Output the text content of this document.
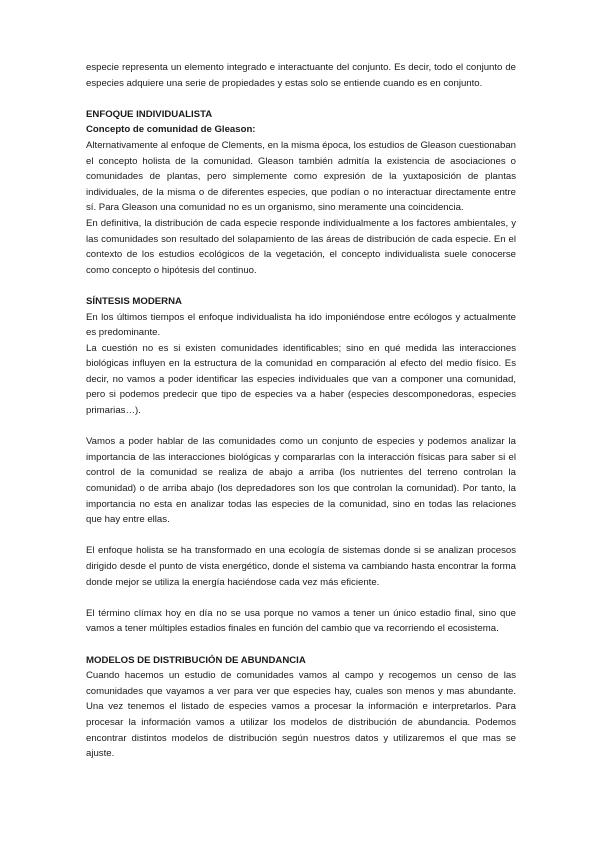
especie representa un elemento integrado e interactuante del conjunto. Es decir, todo el conjunto de especies adquiere una serie de propiedades y estas solo se entiende cuando es en conjunto.

ENFOQUE INDIVIDUALISTA

Concepto de comunidad de Gleason:

Alternativamente al enfoque de Clements, en la misma época, los estudios de Gleason cuestionaban el concepto holista de la comunidad. Gleason también admitía la existencia de asociaciones o comunidades de plantas, pero simplemente como expresión de la yuxtaposición de plantas individuales, de la misma o de diferentes especies, que podían o no interactuar directamente entre sí. Para Gleason una comunidad no es un organismo, sino meramente una coincidencia.

En definitiva, la distribución de cada especie responde individualmente a los factores ambientales, y las comunidades son resultado del solapamiento de las áreas de distribución de cada especie. En el contexto de los estudios ecológicos de la vegetación, el concepto individualista suele conocerse como concepto o hipótesis del continuo.

SÍNTESIS MODERNA

En los últimos tiempos el enfoque individualista ha ido imponiéndose entre ecólogos y actualmente es predominante.

La cuestión no es si existen comunidades identificables; sino en qué medida las interacciones biológicas influyen en la estructura de la comunidad en comparación al efecto del medio físico. Es decir, no vamos a poder identificar las especies individuales que van a componer una comunidad, pero si podemos predecir que tipo de especies va a haber (especies descomponedoras, especies primarias…).

Vamos a poder hablar de las comunidades como un conjunto de especies y podemos analizar la importancia de las interacciones biológicas y compararlas con la interacción físicas para saber si el control de la comunidad se realiza de abajo a arriba (los nutrientes del terreno controlan la comunidad) o de arriba abajo (los depredadores son los que controlan la comunidad). Por tanto, la importancia no esta en analizar todas las especies de la comunidad, sino en todas las relaciones que hay entre ellas.

El enfoque holista se ha transformado en una ecología de sistemas donde si se analizan procesos dirigido desde el punto de vista energético, donde el sistema va cambiando hasta encontrar la forma donde mejor se utiliza la energía haciéndose cada vez más eficiente.

El término clímax hoy en día no se usa porque no vamos a tener un único estadio final, sino que vamos a tener múltiples estadios finales en función del cambio que va recorriendo el ecosistema.

MODELOS DE DISTRIBUCIÓN DE ABUNDANCIA

Cuando hacemos un estudio de comunidades vamos al campo y recogemos un censo de las comunidades que vayamos a ver para ver que especies hay, cuales son menos y mas abundante. Una vez tenemos el listado de especies vamos a procesar la información e interpretarlos. Para procesar la información vamos a utilizar los modelos de distribución de abundancia. Podemos encontrar distintos modelos de distribución según nuestros datos y utilizaremos el que mas se ajuste.
